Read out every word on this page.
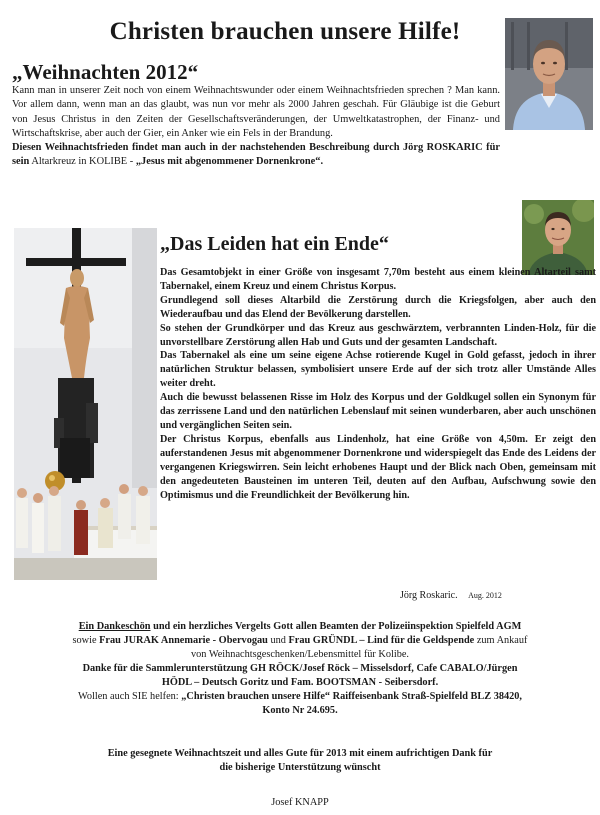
Christen brauchen unsere Hilfe!
„Weihnachten 2012“
Kann man in unserer Zeit noch von einem Weihnachtswunder oder einem Weihnachtsfrieden sprechen ? Man kann. Vor allem dann, wenn man an das glaubt, was nun vor mehr als 2000 Jahren geschah. Für Gläubige ist die Geburt von Jesus Christus in den Zeiten der Gesellschaftsveränderungen, der Umweltkatastrophen, der Finanz- und Wirtschaftskrise, aber auch der Gier, ein Anker wie ein Fels in der Brandung.
Diesen Weihnachtsfrieden findet man auch in der nachstehenden Beschreibung durch Jörg ROSKARIC für sein Altarkreuz in KOLIBE - „Jesus mit abgenommener Dornenkrone“.
„Das Leiden hat ein Ende“

Das Gesamtobjekt in einer Größe von insgesamt 7,70m besteht aus einem kleinen Altarteil samt Tabernakel, einem Kreuz und einem Christus Korpus.

Grundlegend soll dieses Altarbild die Zerstörung durch die Kriegsfolgen, aber auch den Wiederaufbau und das Elend der Bevölkerung darstellen.

So stehen der Grundkörper und das Kreuz aus geschwärztem, verbrannten Linden-Holz, für die unvorstellbare Zerstörung allen Hab und Guts und der gesamten Landschaft.

Das Tabernakel als eine um seine eigene Achse rotierende Kugel in Gold gefasst, jedoch in ihrer natürlichen Struktur belassen, symbolisiert unsere Erde auf der sich trotz aller Umstände Alles weiter dreht.

Auch die bewusst belassenen Risse im Holz des Korpus und der Goldkugel sollen ein Synonym für das zerrissene Land und den natürlichen Lebenslauf mit seinen wunderbaren, aber auch unschönen und vergänglichen Seiten sein.

Der Christus Korpus, ebenfalls aus Lindenholz, hat eine Größe von 4,50m. Er zeigt den auferstandenen Jesus mit abgenommener Dornenkrone und widerspiegelt das Ende des Leidens der vergangenen Kriegswirren. Sein leicht erhobenes Haupt und der Blick nach Oben, gemeinsam mit den angedeuteten Bausteinen im unteren Teil, deuten auf den Aufbau, Aufschwung sowie den Optimismus und die Freundlichkeit der Bevölkerung hin.

Jörg Roskaric. Aug. 2012
Ein Dankeschön und ein herzliches Vergelts Gott allen Beamten der Polizeiinspektion Spielfeld AGM
sowie Frau JURAK Annemarie - Obervogau und Frau GRÜNDL – Lind für die Geldspende zum Ankauf
von Weihnachtsgeschenken/Lebensmittel für Kolibe.
Danke für die Sammlerunterstützung GH RÖCK/Josef Röck – Misselsdorf, Cafe CABALO/Jürgen
HÖDL – Deutsch Goritz und Fam. BOOTSMAN - Seibersdorf.
Wollen auch SIE helfen: „Christen brauchen unsere Hilfe“ Raiffeisenbank Straß-Spielfeld BLZ 38420,
Konto Nr 24.695.
Eine gesegnete Weihnachtszeit und alles Gute für 2013 mit einem aufrichtigen Dank für
die bisherige Unterstützung wünscht
Josef KNAPP
